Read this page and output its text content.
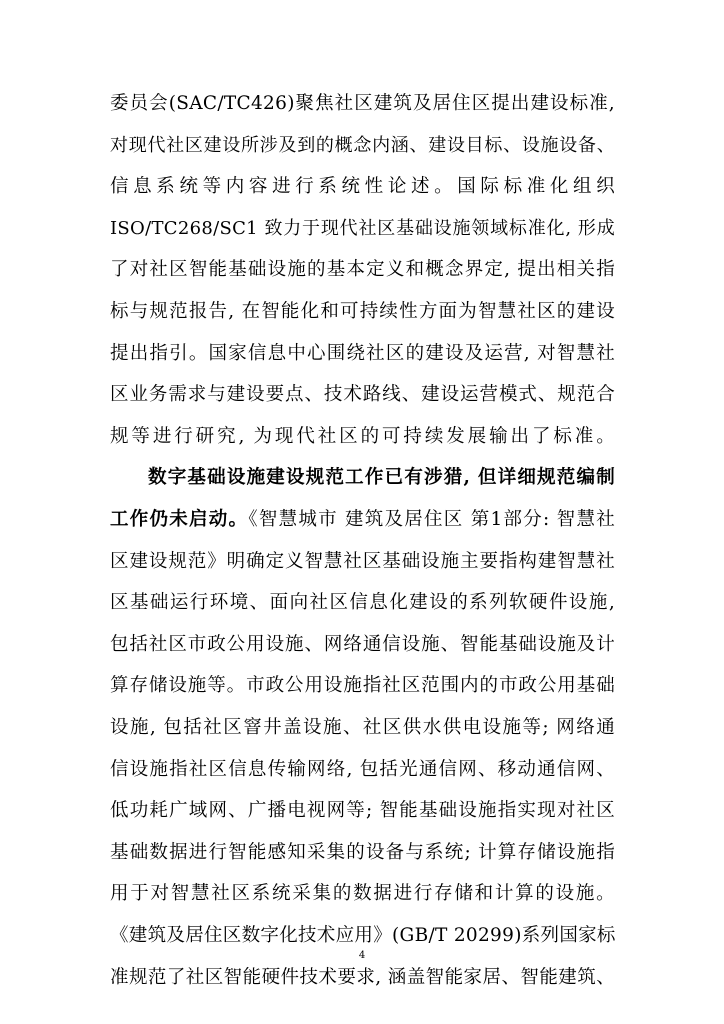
委员会(SAC/TC426)聚焦社区建筑及居住区提出建设标准,
对现代社区建设所涉及到的概念内涵、建设目标、设施设备、
信息系统等内容进行系统性论述。国际标准化组织
ISO/TC268/SC1 致力于现代社区基础设施领域标准化, 形成
了对社区智能基础设施的基本定义和概念界定, 提出相关指
标与规范报告, 在智能化和可持续性方面为智慧社区的建设
提出指引。国家信息中心围绕社区的建设及运营, 对智慧社
区业务需求与建设要点、技术路线、建设运营模式、规范合
规等进行研究, 为现代社区的可持续发展输出了标准。
数字基础设施建设规范工作已有涉猎, 但详细规范编制
工作仍未启动。《智慧城市 建筑及居住区 第1部分: 智慧社
区建设规范》明确定义智慧社区基础设施主要指构建智慧社
区基础运行环境、面向社区信息化建设的系列软硬件设施,
包括社区市政公用设施、网络通信设施、智能基础设施及计
算存储设施等。市政公用设施指社区范围内的市政公用基础
设施, 包括社区窨井盖设施、社区供水供电设施等; 网络通
信设施指社区信息传输网络, 包括光通信网、移动通信网、
低功耗广域网、广播电视网等; 智能基础设施指实现对社区
基础数据进行智能感知采集的设备与系统; 计算存储设施指
用于对智慧社区系统采集的数据进行存储和计算的设施。
《建筑及居住区数字化技术应用》(GB/T 20299)系列国家标
准规范了社区智能硬件技术要求, 涵盖智能家居、智能建筑、
4
